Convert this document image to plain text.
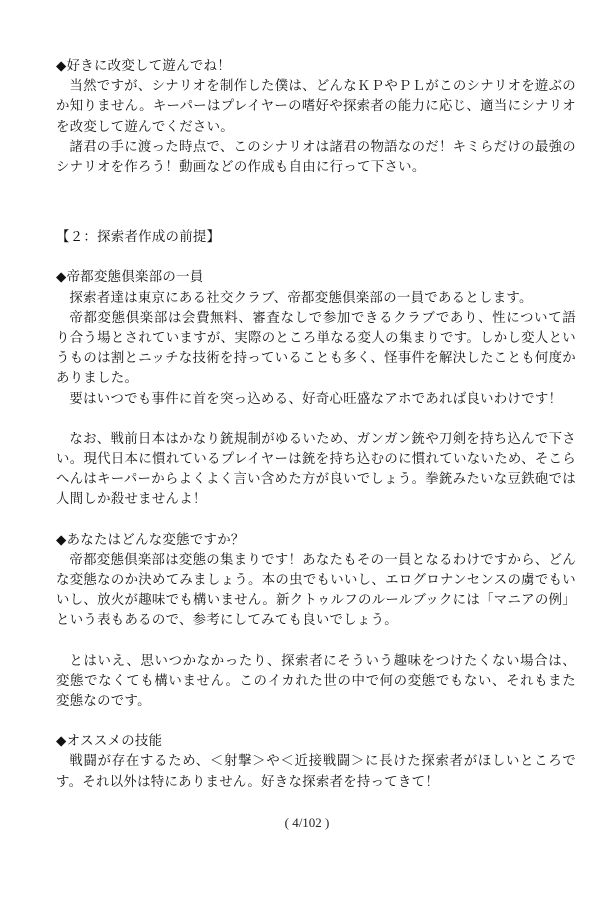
◆好きに改変して遊んでね！

当然ですが、シナリオを制作した僕は、どんなＫＰやＰＬがこのシナリオを遊ぶのか知りません。キーパーはプレイヤーの嗜好や探索者の能力に応じ、適当にシナリオを改変して遊んでください。

諸君の手に渡った時点で、このシナリオは諸君の物語なのだ！キミらだけの最強のシナリオを作ろう！動画などの作成も自由に行って下さい。

【２：探索者作成の前提】

◆帝都変態倶楽部の一員

探索者達は東京にある社交クラブ、帝都変態倶楽部の一員であるとします。

帝都変態倶楽部は会費無料、審査なしで参加できるクラブであり、性について語り合う場とされていますが、実際のところ単なる変人の集まりです。しかし変人というものは割とニッチな技術を持っていることも多く、怪事件を解決したことも何度かありました。

要はいつでも事件に首を突っ込める、好奇心旺盛なアホであれば良いわけです！

なお、戦前日本はかなり銃規制がゆるいため、ガンガン銃や刀剣を持ち込んで下さい。現代日本に慣れているプレイヤーは銃を持ち込むのに慣れていないため、そこらへんはキーパーからよくよく言い含めた方が良いでしょう。拳銃みたいな豆鉄砲では人間しか殺せませんよ！

◆あなたはどんな変態ですか？

帝都変態倶楽部は変態の集まりです！あなたもその一員となるわけですから、どんな変態なのか決めてみましょう。本の虫でもいいし、エログロナンセンスの虜でもいいし、放火が趣味でも構いません。新クトゥルフのルールブックには「マニアの例」という表もあるので、参考にしてみても良いでしょう。

とはいえ、思いつかなかったり、探索者にそういう趣味をつけたくない場合は、変態でなくても構いません。このイカれた世の中で何の変態でもない、それもまた変態なのです。

◆オススメの技能

戦闘が存在するため、＜射撃＞や＜近接戦闘＞に長けた探索者がほしいところです。それ以外は特にありません。好きな探索者を持ってきて！

( 4/102 )
